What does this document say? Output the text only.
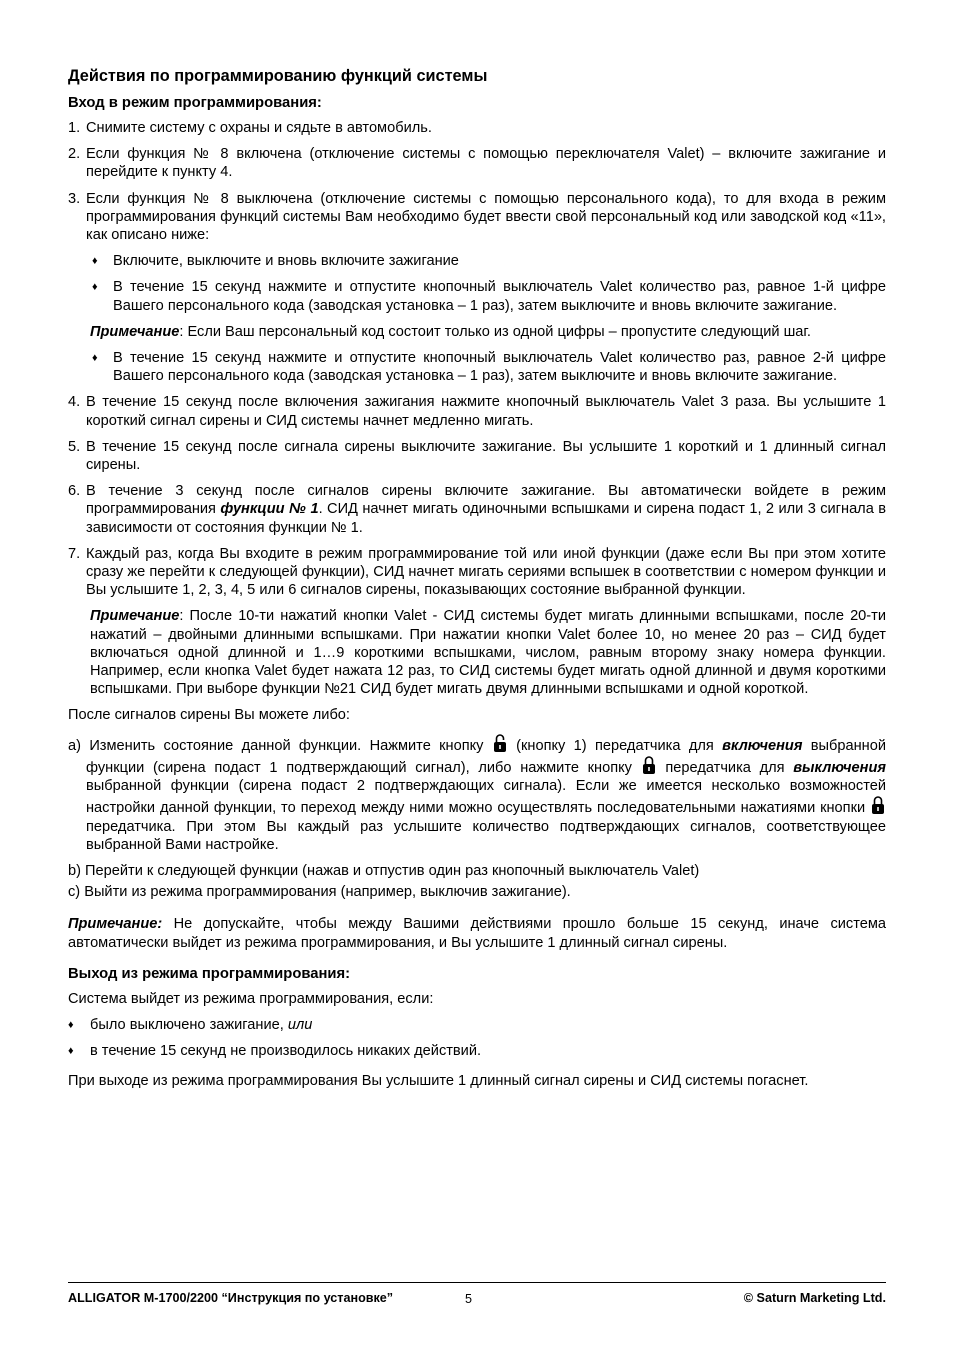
Действия по программированию функций системы
Вход в режим программирования:

1. Снимите систему с охраны и сядьте в автомобиль.

2. Если функция № 8 включена (отключение системы с помощью переключателя Valet) – включите зажигание и перейдите к пункту 4.

3. Если функция № 8 выключена (отключение системы с помощью персонального кода), то для входа в режим программирования функций системы Вам необходимо будет ввести свой персональный код или заводской код «11», как описано ниже:

♦ Включите, выключите и вновь включите зажигание

♦ В течение 15 секунд нажмите и отпустите кнопочный выключатель Valet количество раз, равное 1-й цифре Вашего персонального кода (заводская установка – 1 раз), затем выключите и вновь включите зажигание.

Примечание: Если Ваш персональный код состоит только из одной цифры – пропустите следующий шаг.

♦ В течение 15 секунд нажмите и отпустите кнопочный выключатель Valet количество раз, равное 2-й цифре Вашего персонального кода (заводская установка – 1 раз), затем выключите и вновь включите зажигание.

4. В течение 15 секунд после включения зажигания нажмите кнопочный выключатель Valet 3 раза. Вы услышите 1 короткий сигнал сирены и СИД системы начнет медленно мигать.

5. В течение 15 секунд после сигнала сирены выключите зажигание. Вы услышите 1 короткий и 1 длинный сигнал сирены.

6. В течение 3 секунд после сигналов сирены включите зажигание. Вы автоматически войдете в режим программирования функции № 1. СИД начнет мигать одиночными вспышками и сирена подаст 1, 2 или 3 сигнала в зависимости от состояния функции № 1.

7. Каждый раз, когда Вы входите в режим программирование той или иной функции (даже если Вы при этом хотите сразу же перейти к следующей функции), СИД начнет мигать сериями вспышек в соответствии с номером функции и Вы услышите 1, 2, 3, 4, 5 или 6 сигналов сирены, показывающих состояние выбранной функции.

Примечание: После 10-ти нажатий кнопки Valet - СИД системы будет мигать длинными вспышками, после 20-ти нажатий – двойными длинными вспышками. При нажатии кнопки Valet более 10, но менее 20 раз – СИД будет включаться одной длинной и 1…9 короткими вспышками, числом, равным второму знаку номера функции. Например, если кнопка Valet будет нажата 12 раз, то СИД системы будет мигать одной длинной и двумя короткими вспышками. При выборе функции №21 СИД будет мигать двумя длинными вспышками и одной короткой.

После сигналов сирены Вы можете либо:

a) Изменить состояние данной функции. Нажмите кнопку  (кнопку 1) передатчика для включения выбранной функции (сирена подаст 1 подтверждающий сигнал), либо нажмите кнопку  передатчика для выключения выбранной функции (сирена подаст 2 подтверждающих сигнала). Если же имеется несколько возможностей настройки данной функции, то переход между ними можно осуществлять последовательными нажатиями кнопки  передатчика. При этом Вы каждый раз услышите количество подтверждающих сигналов, соответствующее выбранной Вами настройке.

b) Перейти к следующей функции (нажав и отпустив один раз кнопочный выключатель Valet)

c) Выйти из режима программирования (например, выключив зажигание).

Примечание: Не допускайте, чтобы между Вашими действиями прошло больше 15 секунд, иначе система автоматически выйдет из режима программирования, и Вы услышите 1 длинный сигнал сирены.

Выход из режима программирования:

Система выйдет из режима программирования, если:

♦ было выключено зажигание, или

♦ в течение 15 секунд не производилось никаких действий.

При выходе из режима программирования Вы услышите 1 длинный сигнал сирены и СИД системы погаснет.

ALLIGATOR M-1700/2200 “Инструкция по установке”	5	© Saturn Marketing Ltd.
